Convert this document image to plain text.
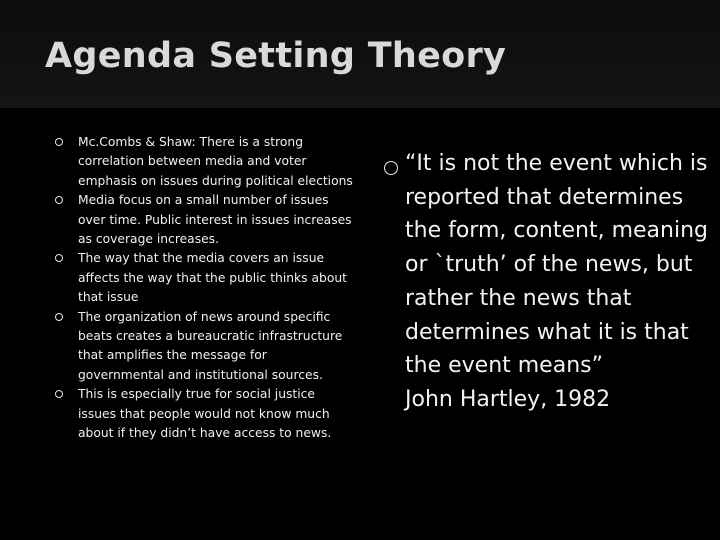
Agenda Setting Theory
Mc.Combs & Shaw: There is a strong correlation between media and voter emphasis on issues during political elections
Media focus on a small number of issues over time. Public interest in issues increases as coverage increases.
The way that the media covers an issue affects the way that the public thinks about that issue
The organization of news around specific beats creates a bureaucratic infrastructure that amplifies the message for governmental and institutional sources.
This is especially true for social justice issues that people would not know much about if they didn’t have access to news.
“It is not the event which is reported that determines the form, content, meaning or `truth’ of the news, but rather the news that determines what it is that the event means”
John Hartley, 1982
